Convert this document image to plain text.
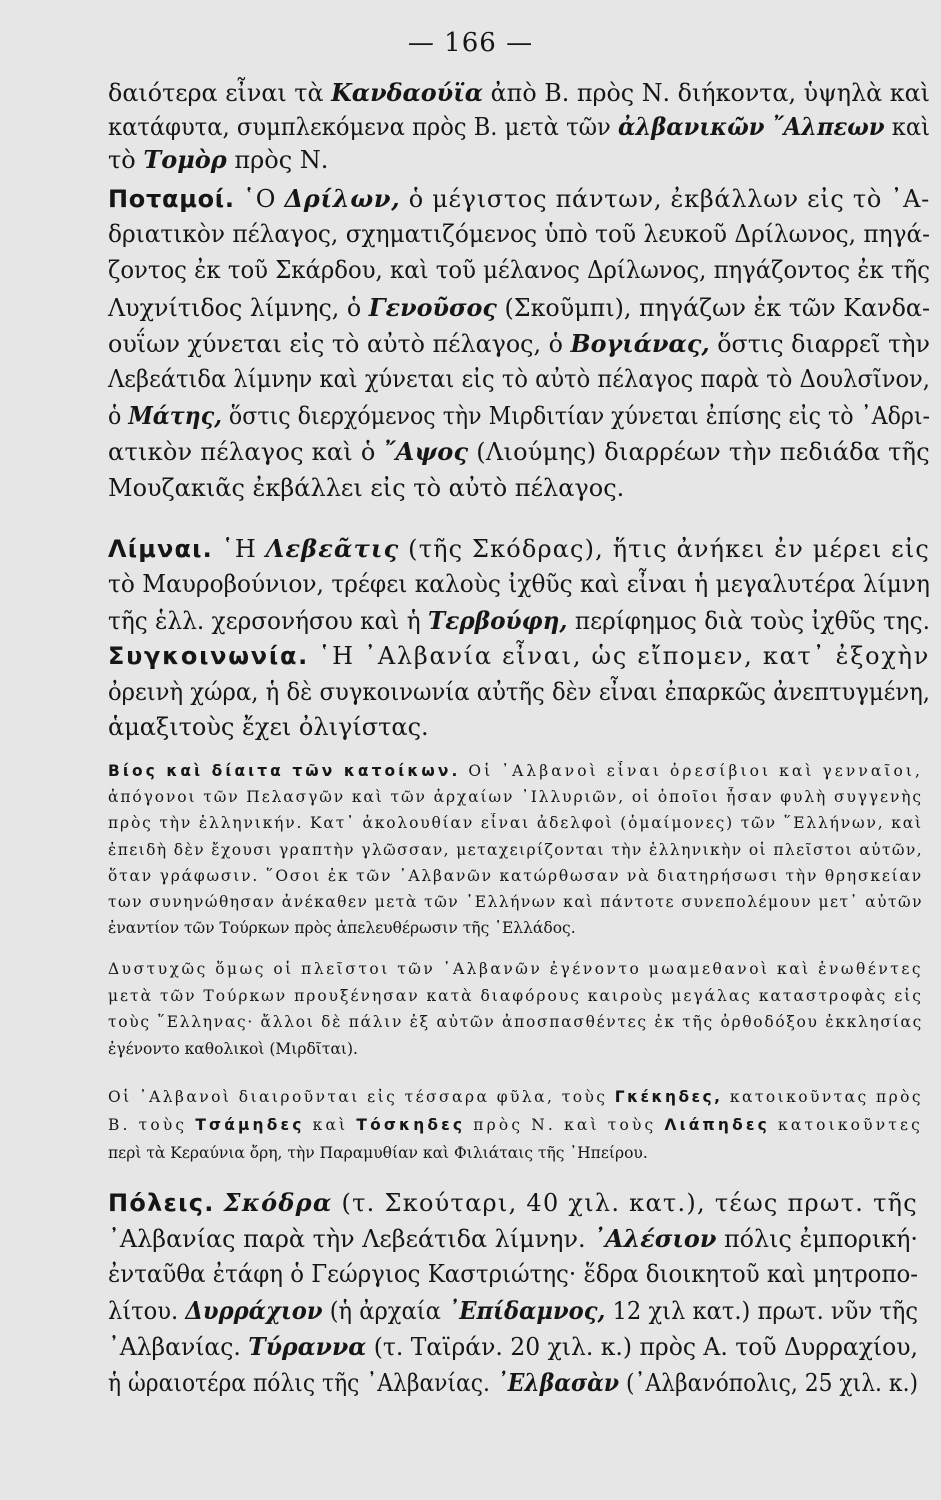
— 166 —
δαιότερα εἶναι τὰ Κανδαούϊα ἀπὸ Β. πρὸς Ν. διήκοντα, ὑψηλὰ καὶ
κατάφυτα, συμπλεκόμενα πρὸς Β. μετὰ τῶν ἀλβανικῶν ῎Αλπεων καὶ
τὸ Τομὸρ πρὸς Ν.
Ποταμοί. ῾Ο Δρίλων, ὁ μέγιστος πάντων, ἐκβάλλων εἰς τὸ ᾿Α-
δριατικὸν πέλαγος, σχηματιζόμενος ὑπὸ τοῦ λευκοῦ Δρίλωνος, πηγά-
ζοντος ἐκ τοῦ Σκάρδου, καὶ τοῦ μέλανος Δρίλωνος, πηγάζοντος ἐκ τῆς
Λυχνίτιδος λίμνης, ὁ Γενοῦσος (Σκοῦμπι), πηγάζων ἐκ τῶν Κανδα-
ουΐων χύνεται εἰς τὸ αὐτὸ πέλαγος, ὁ Βογιάνας, ὅστις διαρρεῖ τὴν
Λεβεάτιδα λίμνην καὶ χύνεται εἰς τὸ αὐτὸ πέλαγος παρὰ τὸ Δουλσῖνον,
ὁ Μάτης, ὅστις διερχόμενος τὴν Μιρδιτίαν χύνεται ἐπίσης εἰς τὸ ᾿Αδρι-
ατικὸν πέλαγος καὶ ὁ ῎Αψος (Λιούμης) διαρρέων τὴν πεδιάδα τῆς
Μουζακιᾶς ἐκβάλλει εἰς τὸ αὐτὸ πέλαγος.
Λίμναι. ῾Η Λεβεᾶτις (τῆς Σκόδρας), ἥτις ἀνήκει ἐν μέρει εἰς
τὸ Μαυροβούνιον, τρέφει καλοὺς ἰχθῦς καὶ εἶναι ἡ μεγαλυτέρα λίμνη
τῆς ἑλλ. χερσονήσου καὶ ἡ Τερβούφη, περίφημος διὰ τοὺς ἰχθῦς της.
Συγκοινωνία. ῾Η ᾿Αλβανία εἶναι, ὡς εἴπομεν, κατ᾿ ἐξοχὴν
ὀρεινὴ χώρα, ἡ δὲ συγκοινωνία αὐτῆς δὲν εἶναι ἐπαρκῶς ἀνεπτυγμένη,
ἁμαξιτοὺς ἔχει ὀλιγίστας.
Βίος καὶ δίαιτα τῶν κατοίκων. Οἱ ᾿Αλβανοὶ εἶναι ὀρεσίβιοι καὶ γενναῖοι,
ἀπόγονοι τῶν Πελασγῶν καὶ τῶν ἀρχαίων ᾿Ιλλυριῶν, οἱ ὁποῖοι ἦσαν φυλὴ συγγενὴς
πρὸς τὴν ἑλληνικήν. Κατ᾿ ἀκολουθίαν εἶναι ἀδελφοὶ (ὁμαίμονες) τῶν ῞Ελλήνων, καὶ
ἐπειδὴ δὲν ἔχουσι γραπτὴν γλῶσσαν, μεταχειρίζονται τὴν ἑλληνικὴν οἱ πλεῖστοι αὐτῶν,
ὅταν γράφωσιν. ῞Οσοι ἐκ τῶν ᾿Αλβανῶν κατώρθωσαν νὰ διατηρήσωσι τὴν θρησκείαν
των συνηνώθησαν ἀνέκαθεν μετὰ τῶν ῾Ελλήνων καὶ πάντοτε συνεπολέμουν μετ᾿ αὐτῶν
ἐναντίον τῶν Τούρκων πρὸς ἀπελευθέρωσιν τῆς ῾Ελλάδος.
Δυστυχῶς ὅμως οἱ πλεῖστοι τῶν ᾿Αλβανῶν ἐγένοντο μωαμεθανοὶ καὶ ἑνωθέντες
μετὰ τῶν Τούρκων προυξένησαν κατὰ διαφόρους καιροὺς μεγάλας καταστροφὰς εἰς
τοὺς ῞Ελληνας· ἄλλοι δὲ πάλιν ἐξ αὐτῶν ἀποσπασθέντες ἐκ τῆς ὀρθοδόξου ἐκκλησίας
ἐγένοντο καθολικοὶ (Μιρδῖται).
Οἱ ᾿Αλβανοὶ διαιροῦνται εἰς τέσσαρα φῦλα, τοὺς Γκέκηδες, κατοικοῦντας πρὸς
Β. τοὺς Τσάμηδες καὶ Τόσκηδες πρὸς Ν. καὶ τοὺς Λιάπηδες κατοικοῦντες
περὶ τὰ Κεραύνια ὄρη, τὴν Παραμυθίαν καὶ Φιλιάταις τῆς ᾿Ηπείρου.
Πόλεις. Σκόδρα (τ. Σκούταρι, 40 χιλ. κατ.), τέως πρωτ. τῆς
᾿Αλβανίας παρὰ τὴν Λεβεάτιδα λίμνην. ᾿Αλέσιον πόλις ἐμπορική·
ἐνταῦθα ἐτάφη ὁ Γεώργιος Καστριώτης· ἕδρα διοικητοῦ καὶ μητροπο-
λίτου. Δυρράχιον (ἡ ἀρχαία ᾿Επίδαμνος, 12 χιλ κατ.) πρωτ. νῦν τῆς
᾿Αλβανίας. Τύραννα (τ. Ταϊράν. 20 χιλ. κ.) πρὸς Α. τοῦ Δυρραχίου,
ἡ ὡραιοτέρα πόλις τῆς ᾿Αλβανίας. ᾿Ελβασὰν (᾿Αλβανόπολις, 25 χιλ. κ.)
